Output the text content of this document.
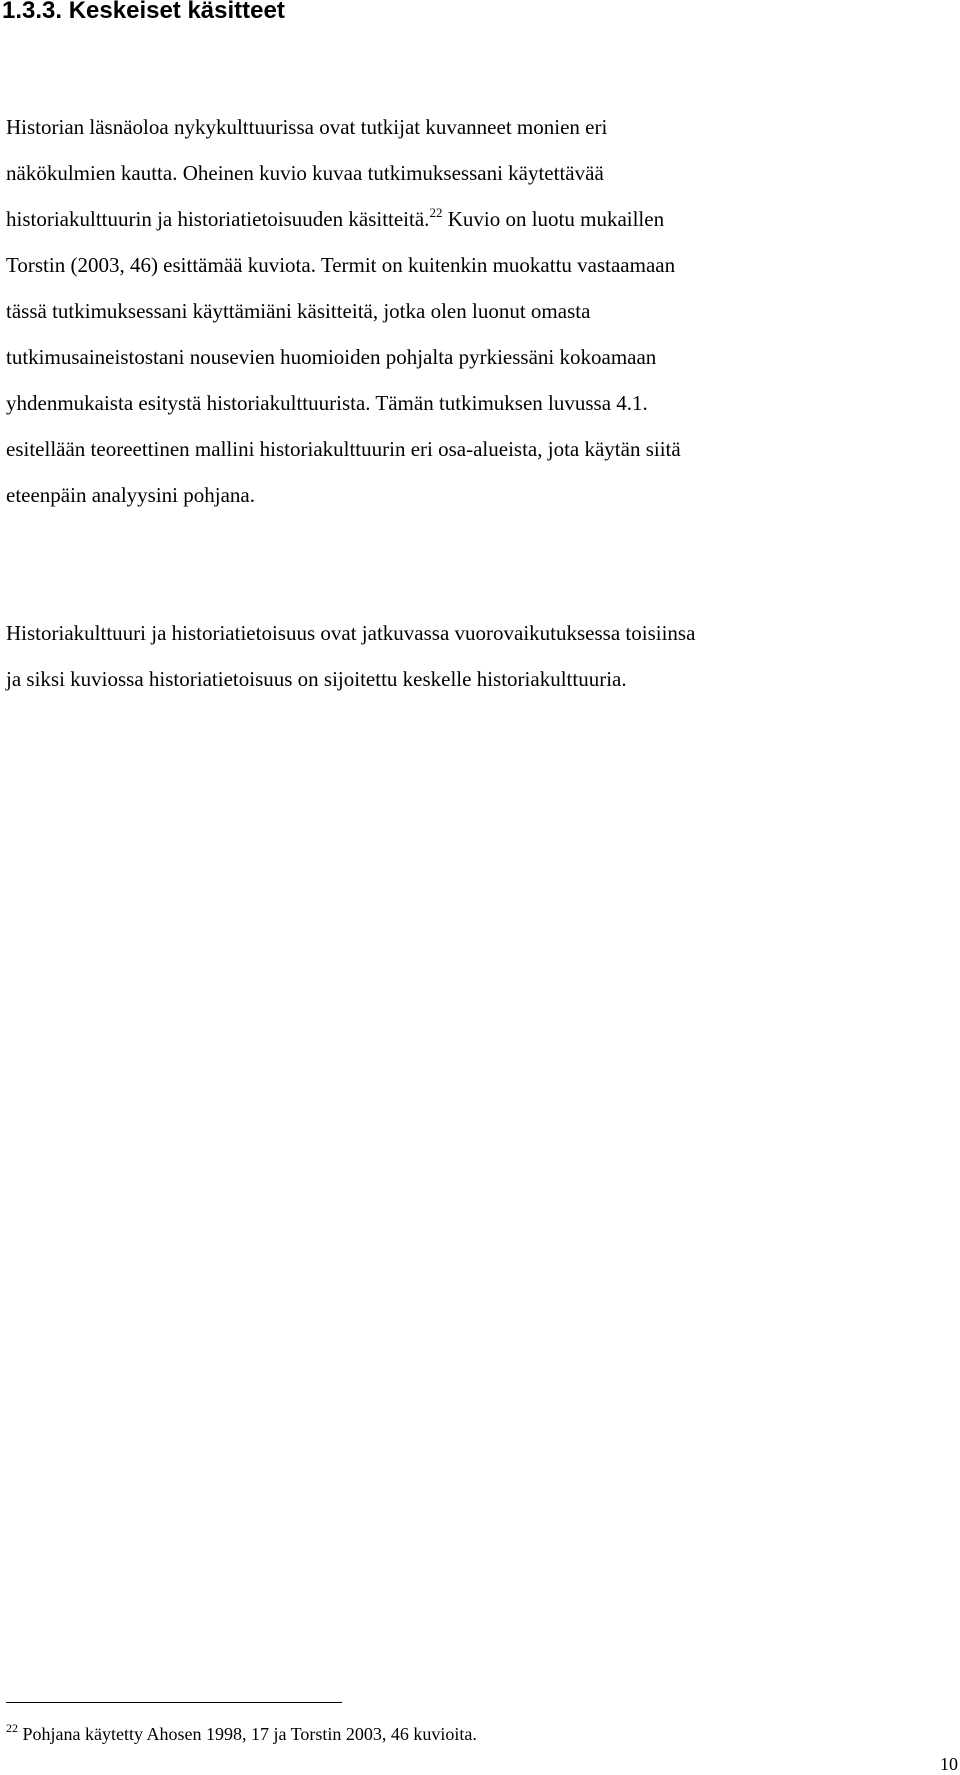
1.3.3. Keskeiset käsitteet
Historian läsnäoloa nykykulttuurissa ovat tutkijat kuvanneet monien eri
näkökulmien kautta. Oheinen kuvio kuvaa tutkimuksessani käytettävää
historiakulttuurin ja historiatietoisuuden käsitteitä.$^{22}$ Kuvio on luotu mukaillen
Torstin (2003, 46) esittämää kuviota. Termit on kuitenkin muokattu vastaamaan
tässä tutkimuksessani käyttämiäni käsitteitä, jotka olen luonut omasta
tutkimusaineistostani nousevien huomioiden pohjalta pyrkiessäni kokoamaan
yhdenmukaista esitystä historiakulttuurista. Tämän tutkimuksen luvussa 4.1.
esitellään teoreettinen mallini historiakulttuurin eri osa-alueista, jota käytän siitä
eteenpäin analyysini pohjana.
Historiakulttuuri ja historiatietoisuus ovat jatkuvassa vuorovaikutuksessa toisiinsa
ja siksi kuviossa historiatietoisuus on sijoitettu keskelle historiakulttuuria.

$^{22}$ Pohjana käytetty Ahosen 1998, 17 ja Torstin 2003, 46 kuvioita.

10
